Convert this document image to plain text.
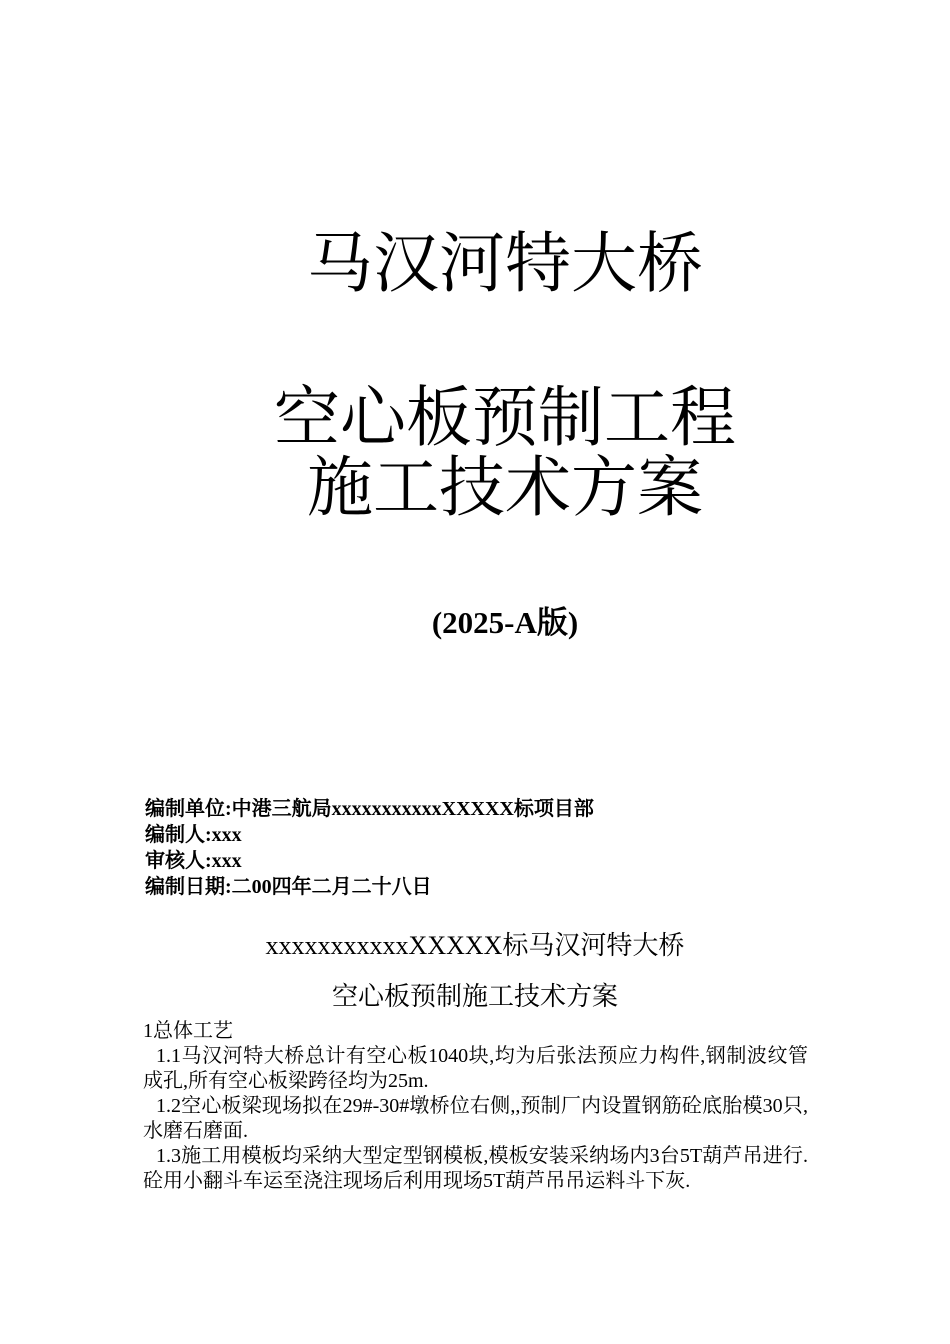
马汉河特大桥
空心板预制工程
施工技术方案
(2025-A版)
编制单位:中港三航局xxxxxxxxxxxXXXXX标项目部
编制人:xxx
审核人:xxx
编制日期:二00四年二月二十八日
xxxxxxxxxxxXXXXX标马汉河特大桥
空心板预制施工技术方案

1总体工艺

1.1马汉河特大桥总计有空心板1040块,均为后张法预应力构件,钢制波纹管成孔,所有空心板梁跨径均为25m.

1.2空心板梁现场拟在29#-30#墩桥位右侧,,预制厂内设置钢筋砼底胎模30只,水磨石磨面.

1.3施工用模板均采纳大型定型钢模板,模板安装采纳场内3台5T葫芦吊进行.砼用小翻斗车运至浇注现场后利用现场5T葫芦吊吊运料斗下灰.
